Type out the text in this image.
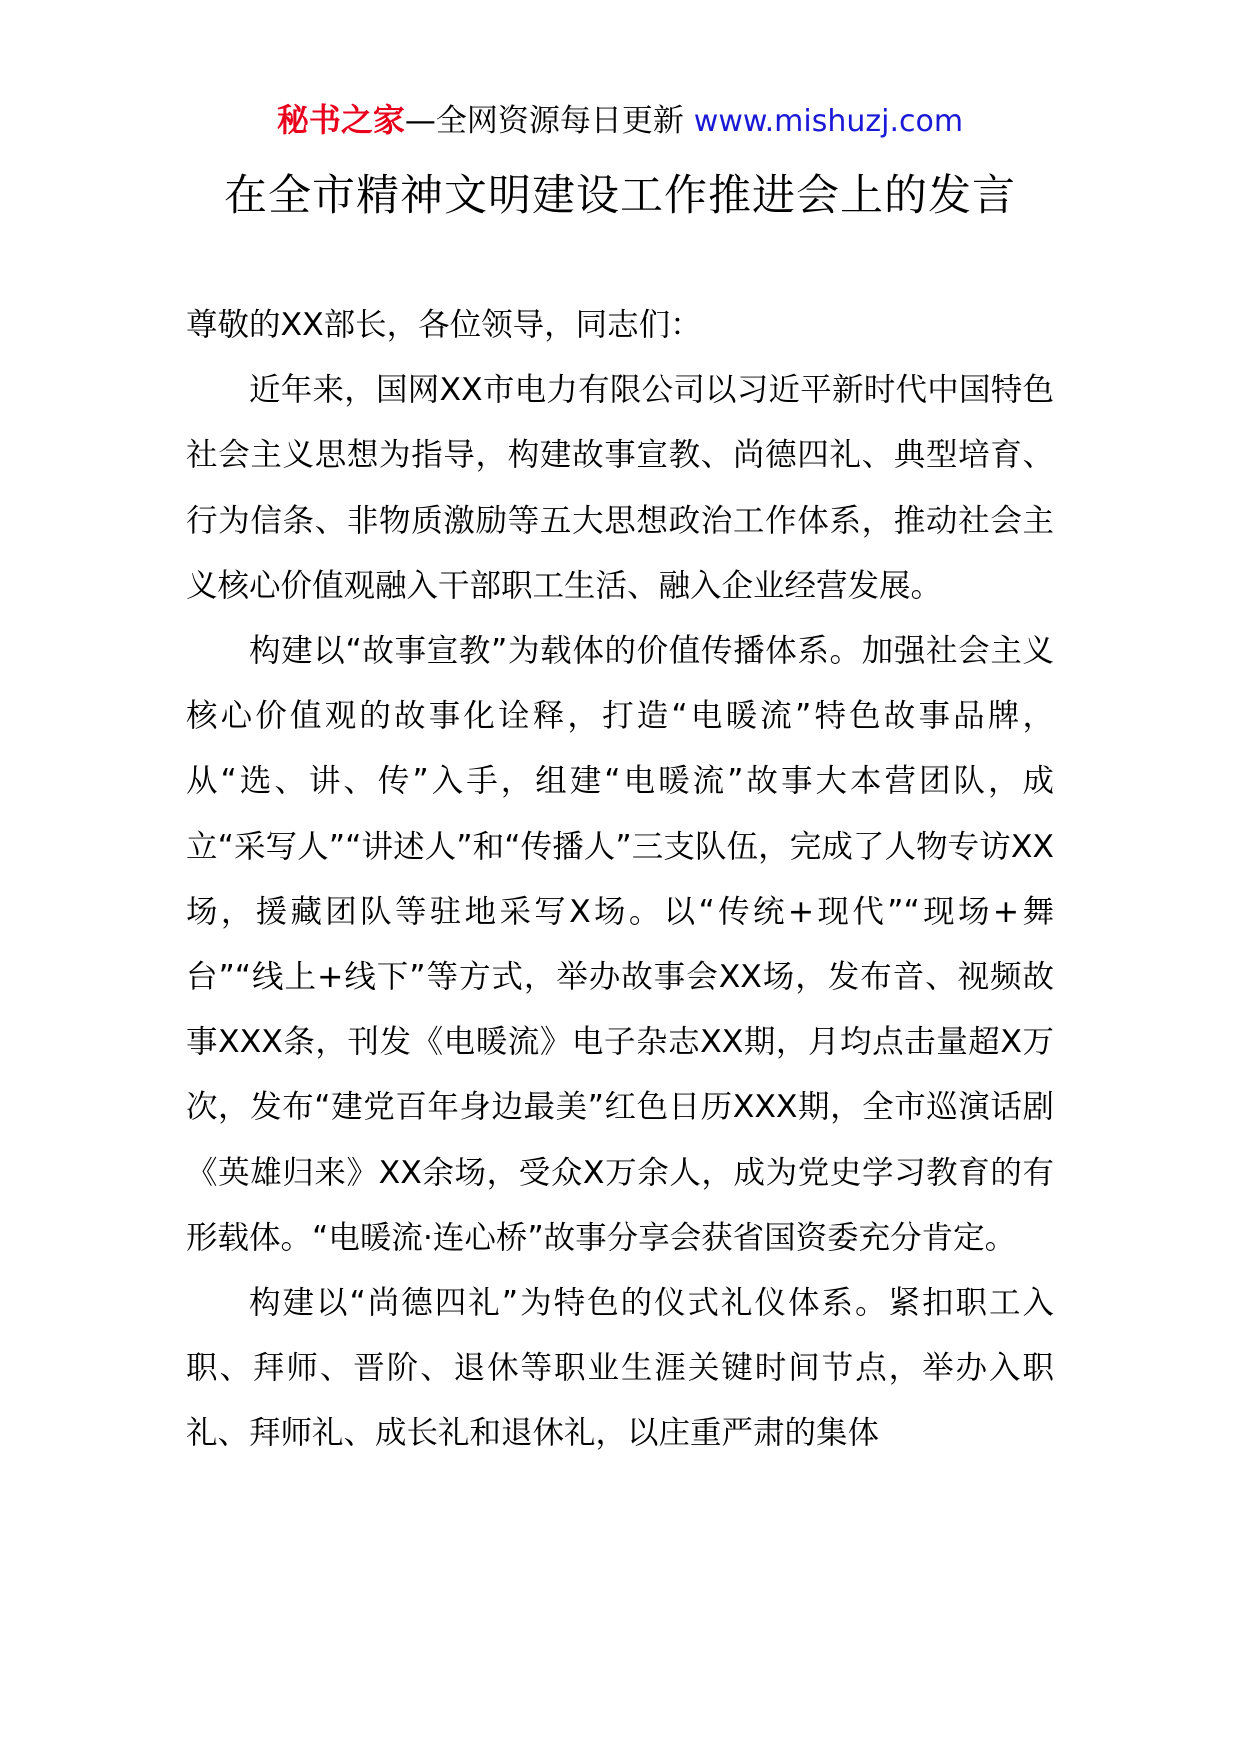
秘书之家—全网资源每日更新 www.mishuzj.com
在全市精神文明建设工作推进会上的发言

尊敬的XX部长，各位领导，同志们：

近年来，国网XX市电力有限公司以习近平新时代中国特色社会主义思想为指导，构建故事宣教、尚德四礼、典型培育、行为信条、非物质激励等五大思想政治工作体系，推动社会主义核心价值观融入干部职工生活、融入企业经营发展。

构建以“故事宣教”为载体的价值传播体系。加强社会主义核心价值观的故事化诠释，打造“电暖流”特色故事品牌，从“选、讲、传”入手，组建“电暖流”故事大本营团队，成立“采写人”“讲述人”和“传播人”三支队伍，完成了人物专访XX场，援藏团队等驻地采写X场。以“传统+现代”“现场+舞台”“线上+线下”等方式，举办故事会XX场，发布音、视频故事XXX条，刊发《电暖流》电子杂志XX期，月均点击量超X万次，发布“建党百年身边最美”红色日历XXX期，全市巡演话剧《英雄归来》XX余场，受众X万余人，成为党史学习教育的有形载体。“电暖流·连心桥”故事分享会获省国资委充分肯定。

构建以“尚德四礼”为特色的仪式礼仪体系。紧扣职工入职、拜师、晋阶、退休等职业生涯关键时间节点，举办入职礼、拜师礼、成长礼和退休礼，以庄重严肃的集体
